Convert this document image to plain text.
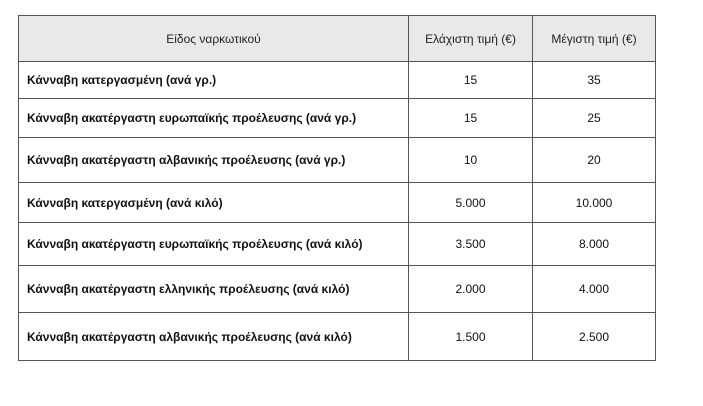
Είδος ναρκωτικού	Ελάχιστη τιμή (€)	Μέγιστη τιμή (€)
Κάνναβη κατεργασμένη (ανά γρ.)	15	35
Κάνναβη ακατέργαστη ευρωπαϊκής προέλευσης (ανά γρ.)	15	25
Κάνναβη ακατέργαστη αλβανικής προέλευσης (ανά γρ.)	10	20
Κάνναβη κατεργασμένη (ανά κιλό)	5.000	10.000
Κάνναβη ακατέργαστη ευρωπαϊκής προέλευσης (ανά κιλό)	3.500	8.000
Κάνναβη ακατέργαστη ελληνικής προέλευσης (ανά κιλό)	2.000	4.000
Κάνναβη ακατέργαστη αλβανικής προέλευσης (ανά κιλό)	1.500	2.500
